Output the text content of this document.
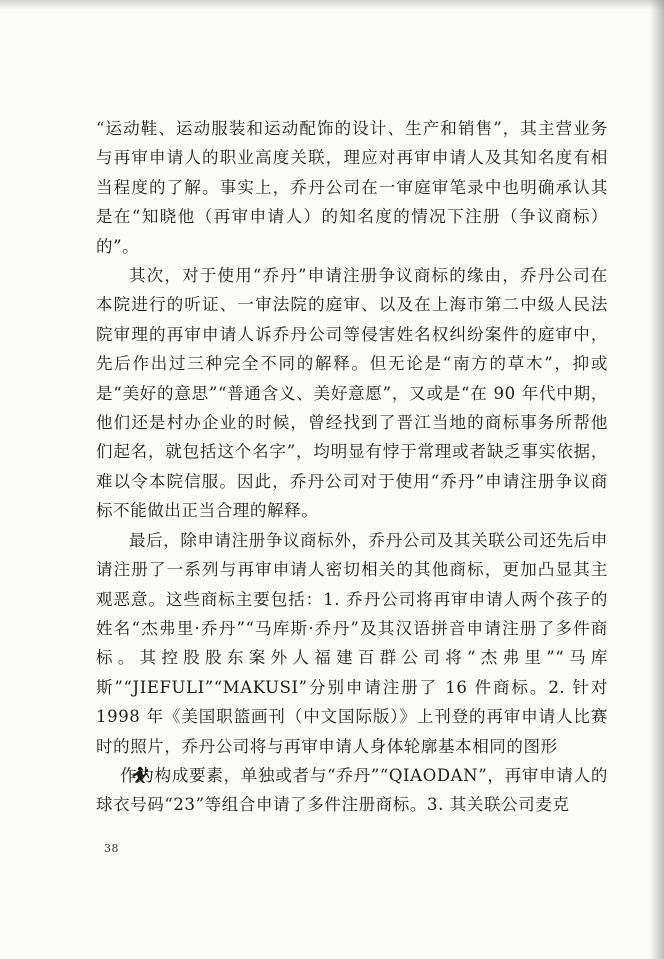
“运动鞋、运动服装和运动配饰的设计、生产和销售”，其主营业务与再审申请人的职业高度关联，理应对再审申请人及其知名度有相当程度的了解。事实上，乔丹公司在一审庭审笔录中也明确承认其是在“知晓他（再审申请人）的知名度的情况下注册（争议商标）的”。

其次，对于使用“乔丹”申请注册争议商标的缘由，乔丹公司在本院进行的听证、一审法院的庭审、以及在上海市第二中级人民法院审理的再审申请人诉乔丹公司等侵害姓名权纠纷案件的庭审中，先后作出过三种完全不同的解释。但无论是“南方的草木”，抑或是“美好的意思”“普通含义、美好意愿”，又或是“在 90 年代中期，他们还是村办企业的时候，曾经找到了晋江当地的商标事务所帮他们起名，就包括这个名字”，均明显有悖于常理或者缺乏事实依据，难以令本院信服。因此，乔丹公司对于使用“乔丹”申请注册争议商标不能做出正当合理的解释。

最后，除申请注册争议商标外，乔丹公司及其关联公司还先后申请注册了一系列与再审申请人密切相关的其他商标，更加凸显其主观恶意。这些商标主要包括：1. 乔丹公司将再审申请人两个孩子的姓名“杰弗里·乔丹”“马库斯·乔丹”及其汉语拼音申请注册了多件商标。其控股股东案外人福建百群公司将“杰弗里”“马库斯”“JIEFULI”“MAKUSI”分别申请注册了 16 件商标。2. 针对 1998 年《美国职篮画刊（中文国际版）》上刊登的再审申请人比赛时的照片，乔丹公司将与再审申请人身体轮廓基本相同的图形
作为构成要素，单独或者与“乔丹”“QIAODAN”，再审申请人的球衣号码“23”等组合申请了多件注册商标。3. 其关联公司麦克

38
